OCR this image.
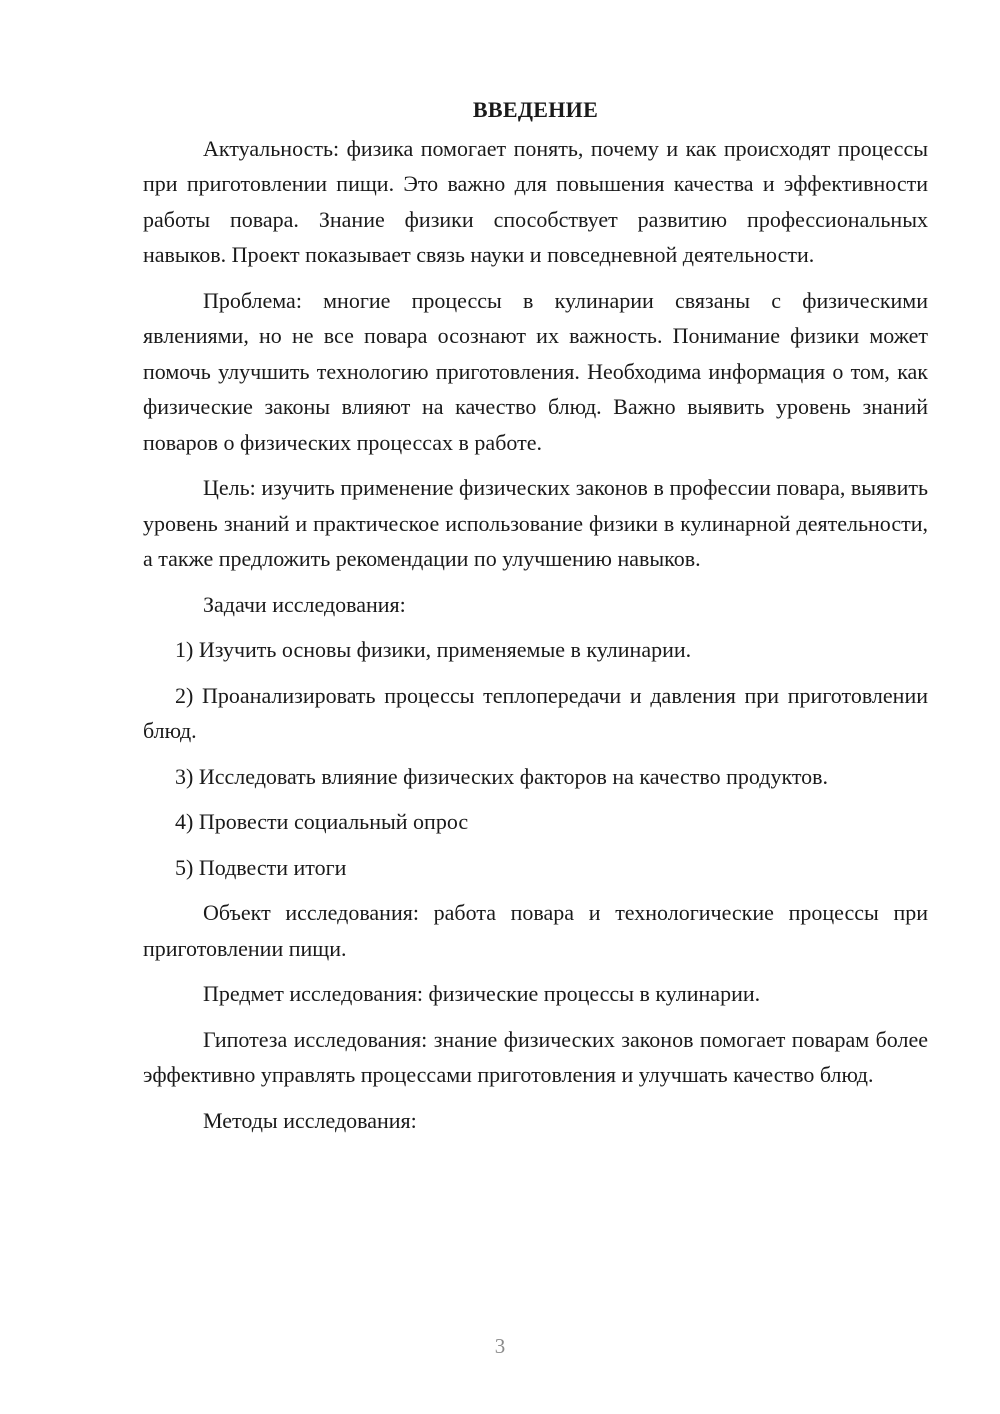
ВВЕДЕНИЕ

Актуальность: физика помогает понять, почему и как происходят процессы при приготовлении пищи. Это важно для повышения качества и эффективности работы повара. Знание физики способствует развитию профессиональных навыков. Проект показывает связь науки и повседневной деятельности.

Проблема: многие процессы в кулинарии связаны с физическими явлениями, но не все повара осознают их важность. Понимание физики может помочь улучшить технологию приготовления. Необходима информация о том, как физические законы влияют на качество блюд. Важно выявить уровень знаний поваров о физических процессах в работе.

Цель: изучить применение физических законов в профессии повара, выявить уровень знаний и практическое использование физики в кулинарной деятельности, а также предложить рекомендации по улучшению навыков.

Задачи исследования:

1) Изучить основы физики, применяемые в кулинарии.

2) Проанализировать процессы теплопередачи и давления при приготовлении блюд.

3) Исследовать влияние физических факторов на качество продуктов.

4) Провести социальный опрос

5) Подвести итоги

Объект исследования: работа повара и технологические процессы при приготовлении пищи.

Предмет исследования: физические процессы в кулинарии.

Гипотеза исследования: знание физических законов помогает поварам более эффективно управлять процессами приготовления и улучшать качество блюд.

Методы исследования:

3
